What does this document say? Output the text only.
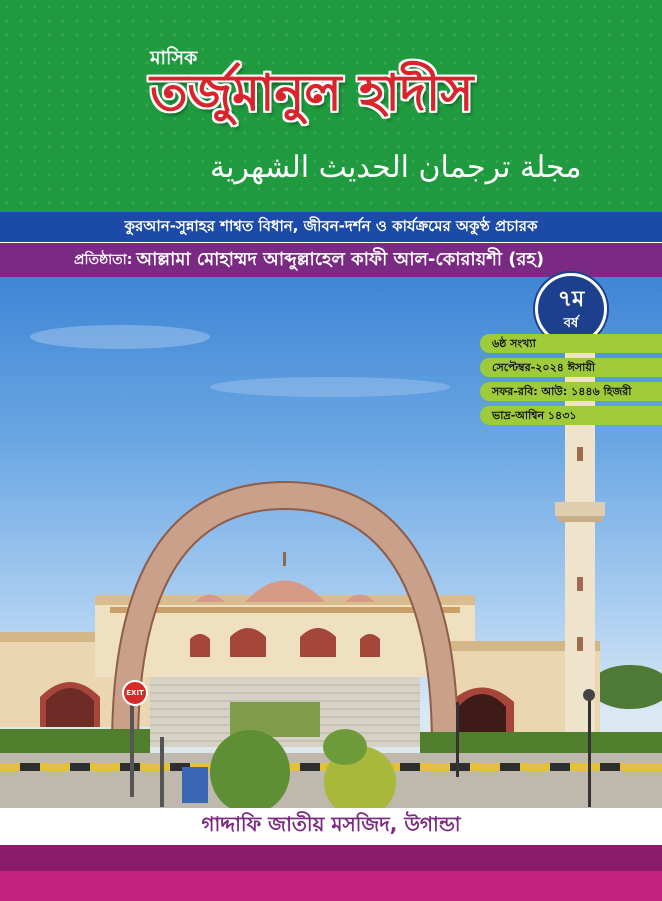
মাসিক
তর্জুমানুল হাদীস
مجلة ترجمان الحديث الشهرية
কুরআন-সুন্নাহর শাশ্বত বিধান, জীবন-দর্শন ও কার্যক্রমের অকুণ্ঠ প্রচারক
প্রতিষ্ঠাতা: আল্লামা মোহাম্মদ আব্দুল্লাহেল কাফী আল-কোরায়শী (রহ)
EXIT
৭ম
বর্ষ
৬ষ্ঠ সংখ্যা
সেপ্টেম্বর-২০২৪ ঈসায়ী
সফর-রবি: আউ: ১৪৪৬ হিজরী
ভাদ্র-আশ্বিন ১৪৩১
গাদ্দাফি জাতীয় মসজিদ, উগান্ডা
